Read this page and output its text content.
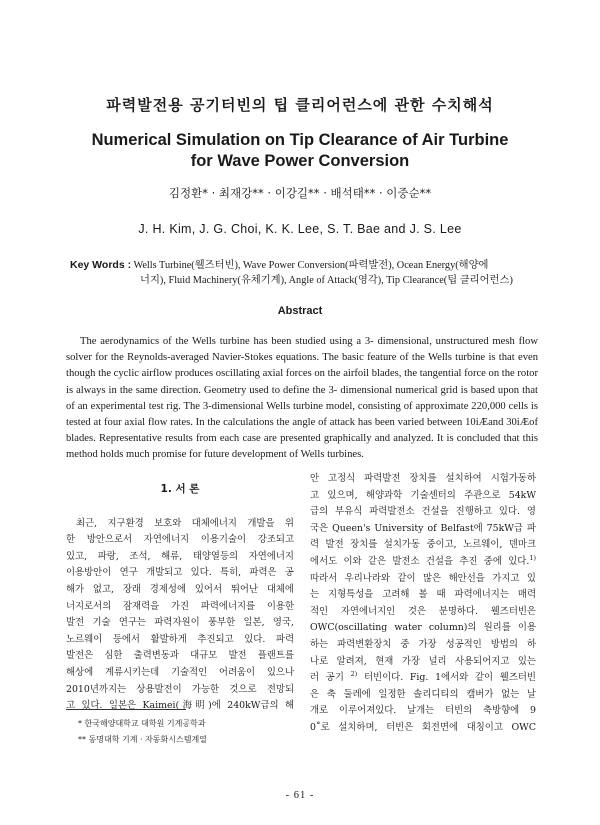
파력발전용 공기터빈의 팁 클리어런스에 관한 수치해석
Numerical Simulation on Tip Clearance of Air Turbine
for Wave Power Conversion
김정환* · 최재강** · 이강길** · 배석태** · 이중순**
J. H. Kim, J. G. Choi, K. K. Lee, S. T. Bae and J. S. Lee
Key Words : Wells Turbine(웰즈터빈), Wave Power Conversion(파력발전), Ocean Energy(해양에
너지), Fluid Machinery(유체기계), Angle of Attack(영각), Tip Clearance(팁 클리어런스)
Abstract

The aerodynamics of the Wells turbine has been studied using a 3- dimensional, unstructured mesh flow solver for the Reynolds-averaged Navier-Stokes equations. The basic feature of the Wells turbine is that even though the cyclic airflow produces oscillating axial forces on the airfoil blades, the tangential force on the rotor is always in the same direction. Geometry used to define the 3- dimensional numerical grid is based upon that of an experimental test rig. The 3-dimensional Wells turbine model, consisting of approximate 220,000 cells is tested at four axial flow rates. In the calculations the angle of attack has been varied between 10iÆand 30iÆof blades. Representative results from each case are presented graphically and analyzed. It is concluded that this method holds much promise for future development of Wells turbines.

1. 서 론
최근, 지구환경 보호와 대체에너지 개발을 위
한 방안으로서 자연에너지 이용기술이 강조되고
있고, 파랑, 조석, 해류, 태양열등의 자연에너지
이용방안이 연구 개발되고 있다. 특히, 파력은 공
해가 없고, 장래 경제성에 있어서 뛰어난 대체에
너지로서의 잠재력을 가진 파력에너지를 이용한
발전 기술 연구는 파력자원이 풍부한 일본, 영국,
노르웨이 등에서 활발하게 추진되고 있다. 파력
발전은 심한 출력변동과 대규모 발전 플랜트를
해상에 계류시키는데 기술적인 어려움이 있으나
2010년까지는 상용발전이 가능한 것으로 전망되
고 있다. 일본은 Kaimei(海明)에 240kW급의 해
안 고정식 파력발전 장치를 설치하여 시험가동하
고 있으며, 해양과학 기술센터의 주관으로 54kW
급의 부유식 파력발전소 건설을 진행하고 있다. 영
국은 Queen's University of Belfast에 75kW급 파
력 발전 장치를 설치가동 중이고, 노르웨이, 덴마크
에서도 이와 같은 발전소 건설을 추진 중에 있다.$^{1)}$
따라서 우리나라와 같이 많은 해안선을 가지고 있
는 지형특성을 고려해 볼 때 파력에너지는 매력
적인 자연에너지인 것은 분명하다. 웰즈터빈은
OWC(oscillating water column)의 원리를 이용
하는 파력변환장치 중 가장 성공적인 방법의 하
나로 알려져, 현재 가장 널리 사용되어지고 있는
러 공기 $^{2)}$ 터빈이다. Fig. 1에서와 같이 웰즈터빈
은 축 둘레에 일정한 솔리디티의 캠버가 없는 날
개로 이루어져있다. 날개는 터빈의 축방향에 9
0˚로 설치하며, 터빈은 회전면에 대칭이고 OWC
* 한국해양대학교 대학원 기계공학과
** 동명대학 기계 · 자동화시스템계열
- 61 -
